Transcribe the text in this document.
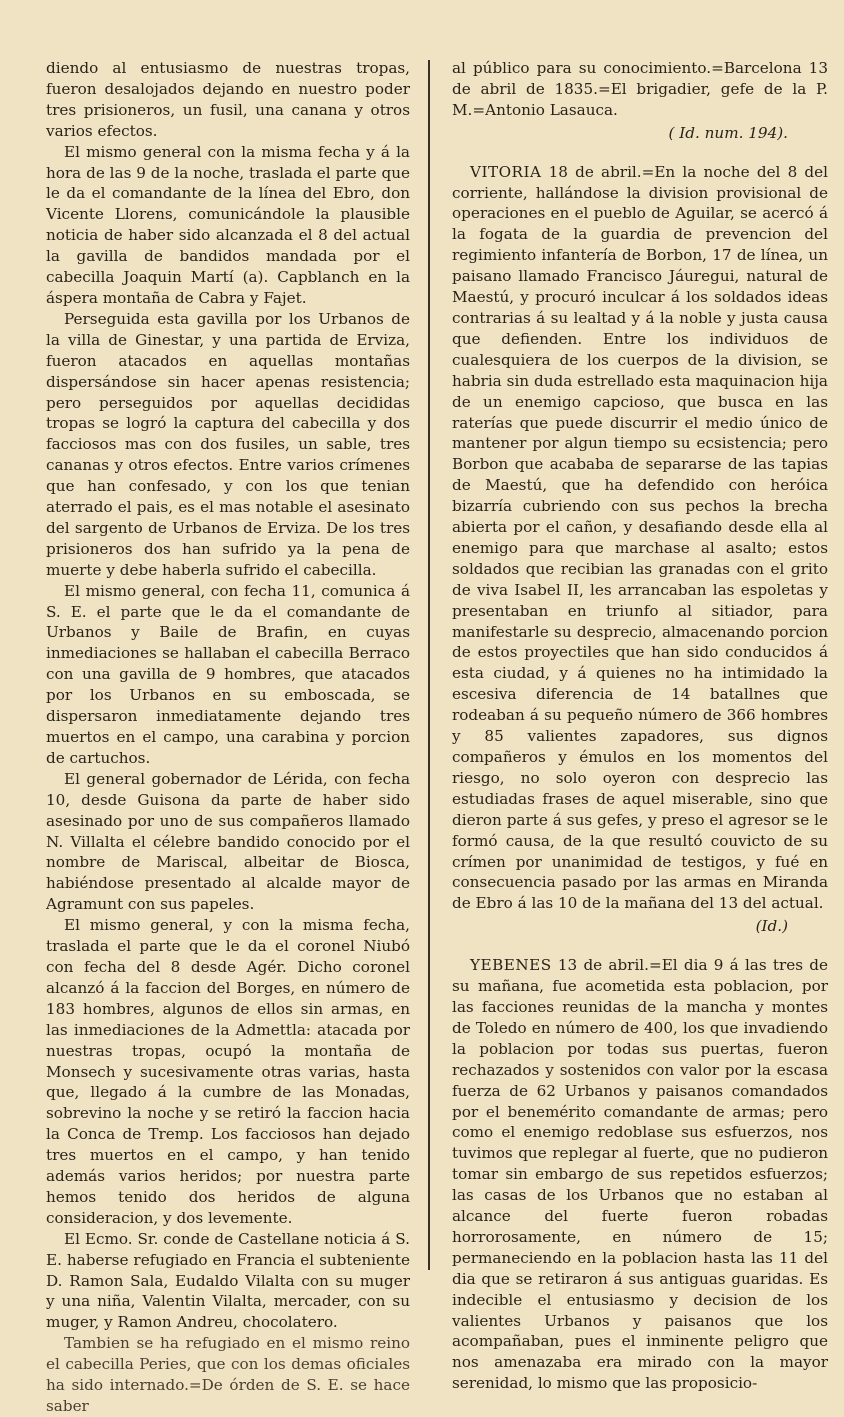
diendo al entusiasmo de nuestras tropas, fueron desalojados dejando en nuestro poder tres prisioneros, un fusil, una canana y otros varios efectos.

El mismo general con la misma fecha y á la hora de las 9 de la noche, traslada el parte que le da el comandante de la línea del Ebro, don Vicente Llorens, comunicándole la plausible noticia de haber sido alcanzada el 8 del actual la gavilla de bandidos mandada por el cabecilla Joaquin Martí (a). Capblanch en la áspera montaña de Cabra y Fajet.

Perseguida esta gavilla por los Urbanos de la villa de Ginestar, y una partida de Erviza, fueron atacados en aquellas montañas dispersándose sin hacer apenas resistencia; pero perseguidos por aquellas decididas tropas se logró la captura del cabecilla y dos facciosos mas con dos fusiles, un sable, tres cananas y otros efectos. Entre varios crímenes que han confesado, y con los que tenian aterrado el pais, es el mas notable el asesinato del sargento de Urbanos de Erviza. De los tres prisioneros dos han sufrido ya la pena de muerte y debe haberla sufrido el cabecilla.

El mismo general, con fecha 11, comunica á S. E. el parte que le da el comandante de Urbanos y Baile de Brafin, en cuyas inmediaciones se hallaban el cabecilla Berraco con una gavilla de 9 hombres, que atacados por los Urbanos en su emboscada, se dispersaron inmediatamente dejando tres muertos en el campo, una carabina y porcion de cartuchos.

El general gobernador de Lérida, con fecha 10, desde Guisona da parte de haber sido asesinado por uno de sus compañeros llamado N. Villalta el célebre bandido conocido por el nombre de Mariscal, albeitar de Biosca, habiéndose presentado al alcalde mayor de Agramunt con sus papeles.

El mismo general, y con la misma fecha, traslada el parte que le da el coronel Niubó con fecha del 8 desde Agér. Dicho coronel alcanzó á la faccion del Borges, en número de 183 hombres, algunos de ellos sin armas, en las inmediaciones de la Admettla: atacada por nuestras tropas, ocupó la montaña de Monsech y sucesivamente otras varias, hasta que, llegado á la cumbre de las Monadas, sobrevino la noche y se retiró la faccion hacia la Conca de Tremp. Los facciosos han dejado tres muertos en el campo, y han tenido además varios heridos; por nuestra parte hemos tenido dos heridos de alguna consideracion, y dos levemente.

El Ecmo. Sr. conde de Castellane noticia á S. E. haberse refugiado en Francia el subteniente D. Ramon Sala, Eudaldo Vilalta con su muger y una niña, Valentin Vilalta, mercader, con su muger, y Ramon Andreu, chocolatero.

Tambien se ha refugiado en el mismo reino el cabecilla Peries, que con los demas oficiales ha sido internado.=De órden de S. E. se hace saber

al público para su conocimiento.=Barcelona 13 de abril de 1835.=El brigadier, gefe de la P. M.=Antonio Lasauca.

( Id. num. 194).

VITORIA 18 de abril.=En la noche del 8 del corriente, hallándose la division provisional de operaciones en el pueblo de Aguilar, se acercó á la fogata de la guardia de prevencion del regimiento infantería de Borbon, 17 de línea, un paisano llamado Francisco Jáuregui, natural de Maestú, y procuró inculcar á los soldados ideas contrarias á su lealtad y á la noble y justa causa que defienden. Entre los individuos de cualesquiera de los cuerpos de la division, se habria sin duda estrellado esta maquinacion hija de un enemigo capcioso, que busca en las raterías que puede discurrir el medio único de mantener por algun tiempo su ecsistencia; pero Borbon que acababa de separarse de las tapias de Maestú, que ha defendido con heróica bizarría cubriendo con sus pechos la brecha abierta por el cañon, y desafiando desde ella al enemigo para que marchase al asalto; estos soldados que recibian las granadas con el grito de viva Isabel II, les arrancaban las espoletas y presentaban en triunfo al sitiador, para manifestarle su desprecio, almacenando porcion de estos proyectiles que han sido conducidos á esta ciudad, y á quienes no ha intimidado la escesiva diferencia de 14 batallnes que rodeaban á su pequeño número de 366 hombres y 85 valientes zapadores, sus dignos compañeros y émulos en los momentos del riesgo, no solo oyeron con desprecio las estudiadas frases de aquel miserable, sino que dieron parte á sus gefes, y preso el agresor se le formó causa, de la que resultó couvicto de su crímen por unanimidad de testigos, y fué en consecuencia pasado por las armas en Miranda de Ebro á las 10 de la mañana del 13 del actual.

(Id.)

YEBENES 13 de abril.=El dia 9 á las tres de su mañana, fue acometida esta poblacion, por las facciones reunidas de la mancha y montes de Toledo en número de 400, los que invadiendo la poblacion por todas sus puertas, fueron rechazados y sostenidos con valor por la escasa fuerza de 62 Urbanos y paisanos comandados por el benemérito comandante de armas; pero como el enemigo redoblase sus esfuerzos, nos tuvimos que replegar al fuerte, que no pudieron tomar sin embargo de sus repetidos esfuerzos; las casas de los Urbanos que no estaban al alcance del fuerte fueron robadas horrorosamente, en número de 15; permaneciendo en la poblacion hasta las 11 del dia que se retiraron á sus antiguas guaridas. Es indecible el entusiasmo y decision de los valientes Urbanos y paisanos que los acompañaban, pues el inminente peligro que nos amenazaba era mirado con la mayor serenidad, lo mismo que las proposicio-
